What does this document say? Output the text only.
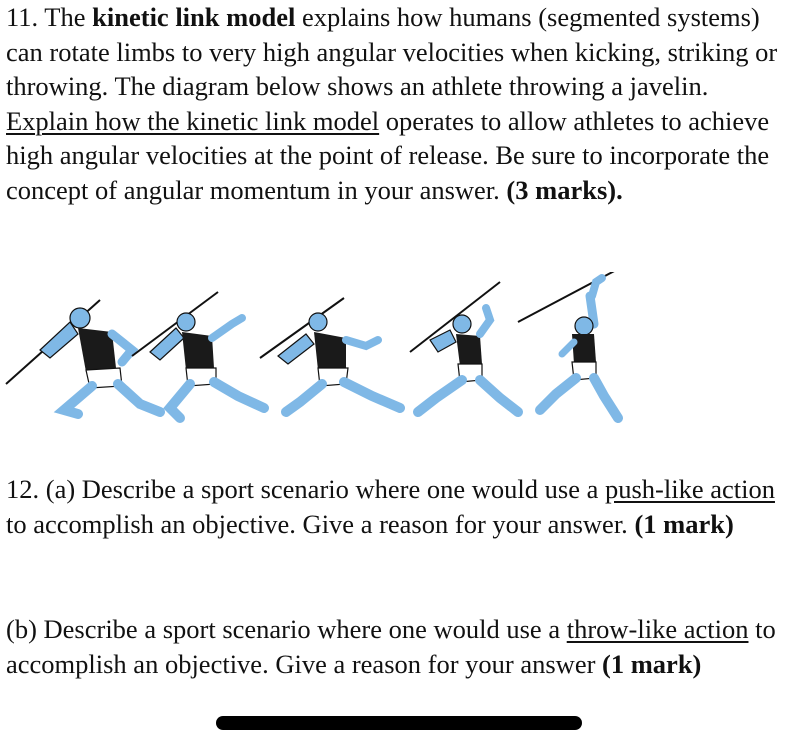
11. The kinetic link model explains how humans (segmented systems) can rotate limbs to very high angular velocities when kicking, striking or throwing. The diagram below shows an athlete throwing a javelin. Explain how the kinetic link model operates to allow athletes to achieve high angular velocities at the point of release. Be sure to incorporate the concept of angular momentum in your answer. (3 marks).

12. (a) Describe a sport scenario where one would use a push-like action to accomplish an objective. Give a reason for your answer. (1 mark)

(b) Describe a sport scenario where one would use a throw-like action to accomplish an objective. Give a reason for your answer (1 mark)
